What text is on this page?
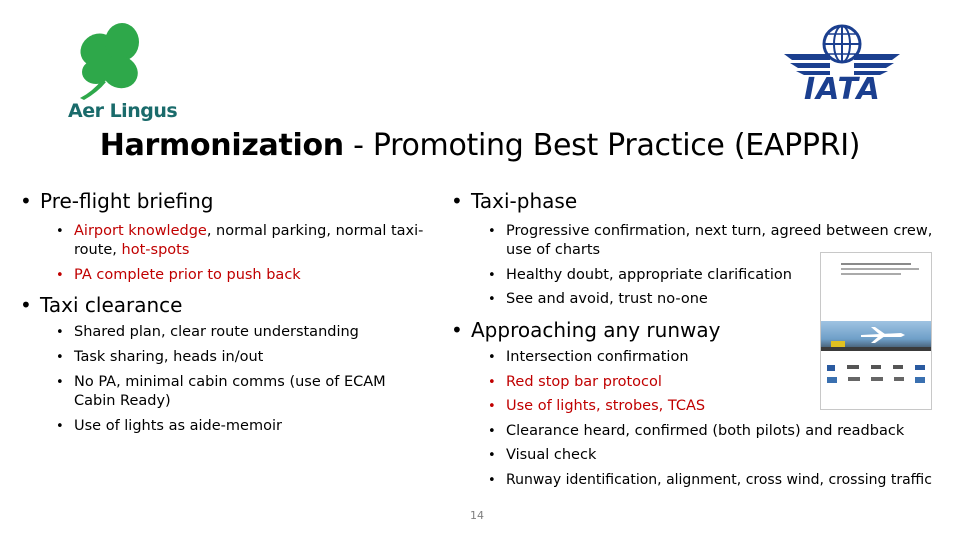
Aer Lingus
IATA
Harmonization - Promoting Best Practice (EAPPRI)
• Pre-flight briefing
• Airport knowledge, normal parking, normal taxi-route, hot-spots
• PA complete prior to push back
• Taxi clearance
• Shared plan, clear route understanding
• Task sharing, heads in/out
• No PA, minimal cabin comms (use of ECAM Cabin Ready)
• Use of lights as aide-memoir
• Taxi-phase
• Progressive confirmation, next turn, agreed between crew, use of charts
• Healthy doubt, appropriate clarification
• See and avoid, trust no-one
• Approaching any runway
• Intersection confirmation
• Red stop bar protocol
• Use of lights, strobes, TCAS
• Clearance heard, confirmed (both pilots) and readback
• Visual check
• Runway identification, alignment, cross wind, crossing traffic
14
